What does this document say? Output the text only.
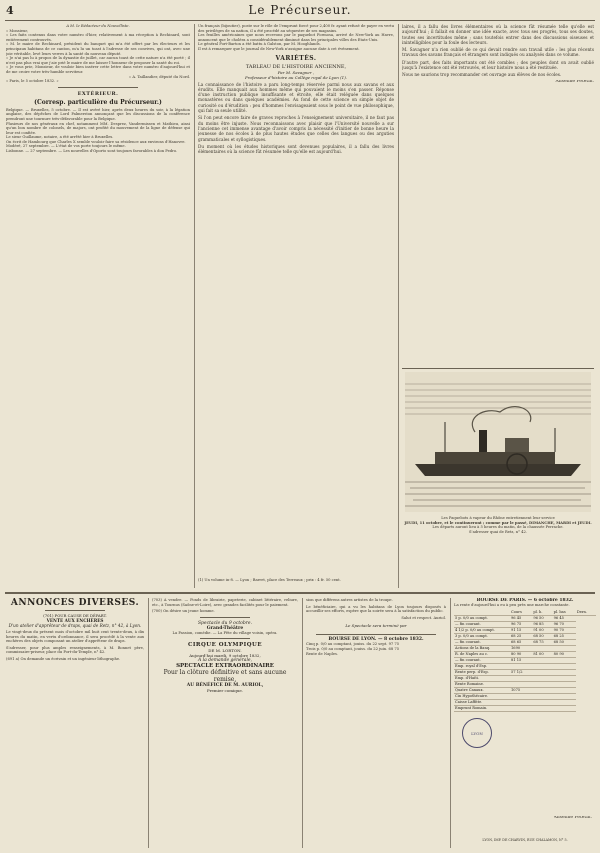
4	Le Précurseur.
A M. le Rédacteur du Nouvelliste.
« Monsieur,
« Les faits contenus dans votre numéro d'hier, relativement à ma réception à Rechinard, sont entièrement controuvés.
« M. le maire de Rechinard, président du banquet qui m'a été offert par les électeurs et les principaux habitans de ce canton, m'a lu un toast à l'adresse de ses convives, qui ont, avec une joie véritable, levé leurs verres à la santé du nouveau député.
« Je n'ai pas lu à propos de la dynastie de juillet, car aucun toast de cette nature n'a été porté ; il n'est pas plus vrai que j'aie prié le maire de me laisser l'honneur de proposer la santé du roi.
« Je vous prie, Monsieur, de vouloir bien insérer cette lettre dans votre numéro d'aujourd'hui et de me croire votre très-humble serviteur.
« A. Taillandier, député du Nord.
« Paris, le 5 octobre 1832. »
EXTÉRIEUR.
(Corresp. particulière du Précurseur.)
Belgique. — Bruxelles, 5 octobre. — Il est avéré hier, après deux heures du soir, à la légation anglaise, des dépêches de Lord Palmerston annonçant que les discussions de la conférence prendront une tournure très-défavorable pour la Belgique.
Plusieurs de nos généraux en chef, notamment MM. Desprez, Vandermissen et Mathieu, ainsi qu'un bon nombre de colonels, de majors, ont profité du mouvement de la ligne de défense qui leur est confiée.
Le sieur Guillaume, notaire, a été arrêté hier à Bruxelles.
On écrit de Hambourg que Charles X semble vouloir faire sa résidence aux environs d'Hanovre.
Modéré, 27 septembre. — L'état de vos porte toujours le même.
Lisbonne. — 27 septembre. — Les nouvelles d'Oporto sont toujours favorables à don Pedro.
Un français (bijoutier), poste sur le rôle de l'emprunt forcé pour 2,400 fr. ayant refusé de payer en vertu des privilèges de sa nation, il a été procédé au séquestre de ses magasins.
Les feuilles américaines que nous recevons par le paquebot Formosa, arrivé de New-York au Havre, annoncent que le choléra a considérablement diminué dans les principales villes des Etats-Unis.
Le général Fort-Barton a été battu à Galston, par M. Hooghlands.
Il est à remarquer que le journal de New-York n'assigne aucune date à cet événement.
VARIÉTÉS.
TABLEAU DE L'HISTOIRE ANCIENNE,
Par M. Savagner ,
Professeur d'histoire au Collège royal de Lyon (1).
La connaissance de l'histoire a paru long-temps réservée parmi nous aux savans et aux érudits. Elle manquait aux hommes même qui pouvaient le moins s'en passer. Réponse d'une instruction publique insuffisante et étroite, elle était reléguée dans quelques monastères ou dans quelques académies. Au fond de cette science on simple objet de curiosité ou d'érudition : peu d'hommes l'envisageaient sous le point de vue philosophique, qui fait sa seule utilité.
Si l'on peut encore faire de graves reproches à l'enseignement universitaire, il ne faut pas du moins être injuste. Nous reconnaissons avec plaisir que l'Université nouvelle a sur l'ancienne cet immense avantage d'avoir compris la nécessité d'initier de bonne heure la jeunesse de nos écoles à de plus hautes études que celles des langues ou des arguties grammaticales et syllogistiques.
Du moment où les études historiques sont devenues populaires, il a fallu des livres élémentaires où la science fût résumée telle qu'elle est aujourd'hui.
(1) Un volume in-8. — Lyon ; Barret, place des Terreaux ; prix : 4 fr. 50 cent.
laires, il a fallu des livres élémentaires où la science fût résumée telle qu'elle est aujourd'hui ; il fallait en donner une idée exacte, avec tous ses progrès, tous ses doutes, toutes ses incertitudes même ; sans toutefois entrer dans des discussions oiseuses et inintelligibles pour la foule des lecteurs.
M. Savagner n'a rien oublié de ce qui devait rendre son travail utile : les plus récents travaux des savans français et étrangers sont indiqués ou analysés dans ce volume.
D'autre part, des faits importants ont été combles ; des peuples dont on avait oublié jusqu'à l'existence ont été retrouvés, et leur histoire nous a été restituée.
Nous ne saurions trop recommander cet ouvrage aux élèves de nos écoles.
Anselme Petetin.
Les Paquebots à vapeur du Rhône entretiennent leur service
JEUDI, 11 octobre, et le continueront ; comme par le passé, DIMANCHE, MARDI et JEUDI.
Les départs auront lieu à 5 heures du matin, de la chaussée Perrache.
S'adresser quai de Retz, n° 42.
ANNONCES DIVERSES.
(701) POUR CAUSE DE DÉPART.
VENTE AUX ENCHÈRES
D'un atelier d'apprêteur de draps, quai de Retz, n° 42, à Lyon.
Le vingt-deux du présent mois d'octobre mil huit cent trente-deux, à dix heures du matin, en vertu d'ordonnance, il sera procédé à la vente aux enchères des objets composant un atelier d'apprêteur de draps.
S'adresser, pour plus amples renseignements, à M. Bonnet père, commissaire-priseur, place du Port-du-Temple, n° 42.
(691 a) On demande un écrivain et un ingénieur lithographe.
(703) A vendre. — Fonds de librairie, papeterie, cabinet littéraire, reliure, etc., à Tournus (Saône-et-Loire), avec grandes facilités pour le paiement.
(700) On désire un jeune homme.
Spectacle du 9 octobre.
Grand-Théâtre
La Passion, comédie. — La Fête du village voisin, opéra.
CIRQUE OLYMPIQUE
DE M. LORTON.
Aujourd'hui mardi, 9 octobre 1832,
A la demande générale,
SPECTACLE EXTRAORDINAIRE
Pour la clôture définitive et sans aucune remise,
AU BÉNÉFICE DE M. AURIOL,
Premier comique.
sion que différens autres artistes de la troupe.
Le bénéficiaire, qui a vu les habitans de Lyon toujours disposés à accueillir ses efforts, espère que la soirée sera à la satisfaction du public.
Salut et respect. Auriol.
Le Spectacle sera terminé par
BOURSE DE LYON. — 8 octobre 1832.
Cinq p. 0/0 au comptant, jouiss. du 22 sept. 97 75
Trois p. 0/0 au comptant, jouiss. du 22 juin. 68 75
Rente de Naples.
BOURSE DE PARIS. — 6 octobre 1832.
La rente d'aujourd'hui a eu à peu près une marche constante.
	Cours	pl. h.	pl. bas	Dern.
5 p. 0/0 au compt.	96 45	96 50	96 45	
— fin courant.	96 75	96 85	96 70	
4 1/2 p. 0/0 au compt.	91 15	91 00	90 70	
3 p. 0/0 au compt.	68 25	68 50	68 25	
— fin courant.	68 65	68 75	68 50	
Actions de la Banq.	1690			
R. de Naples au c.	80 90	81 00	80 90	
— fin courant.	81 15			
Emp. royal d'Esp.				
Rente perp. d'Esp.	57 1/2			
Emp. d'Haïti.				
Rente Romaine.				
Quatre Canaux.	1075			
Cin Hypothécaire.				
Caisse Laffitte.				
Emprunt Romain.				
LYON
Anselme Petetin.
LYON, IMP. DE CHARVIN, RUE CHALAMON, N° 5.
